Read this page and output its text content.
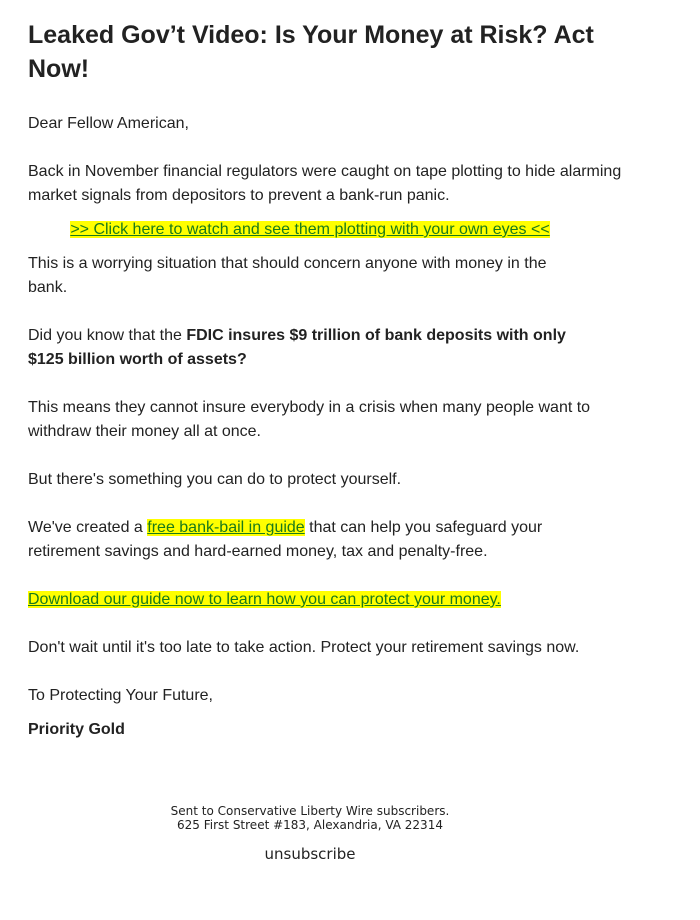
Leaked Gov’t Video: Is Your Money at Risk? Act Now!

Dear Fellow American,

Back in November financial regulators were caught on tape plotting to hide alarming market signals from depositors to prevent a bank-run panic.

>> Click here to watch and see them plotting with your own eyes <<

This is a worrying situation that should concern anyone with money in the bank.

Did you know that the FDIC insures $9 trillion of bank deposits with only $125 billion worth of assets?

This means they cannot insure everybody in a crisis when many people want to withdraw their money all at once.

But there's something you can do to protect yourself.

We've created a free bank-bail in guide that can help you safeguard your retirement savings and hard-earned money, tax and penalty-free.

Download our guide now to learn how you can protect your money.

Don't wait until it's too late to take action. Protect your retirement savings now.

To Protecting Your Future,

Priority Gold

Sent to Conservative Liberty Wire subscribers.
625 First Street #183, Alexandria, VA 22314
unsubscribe
